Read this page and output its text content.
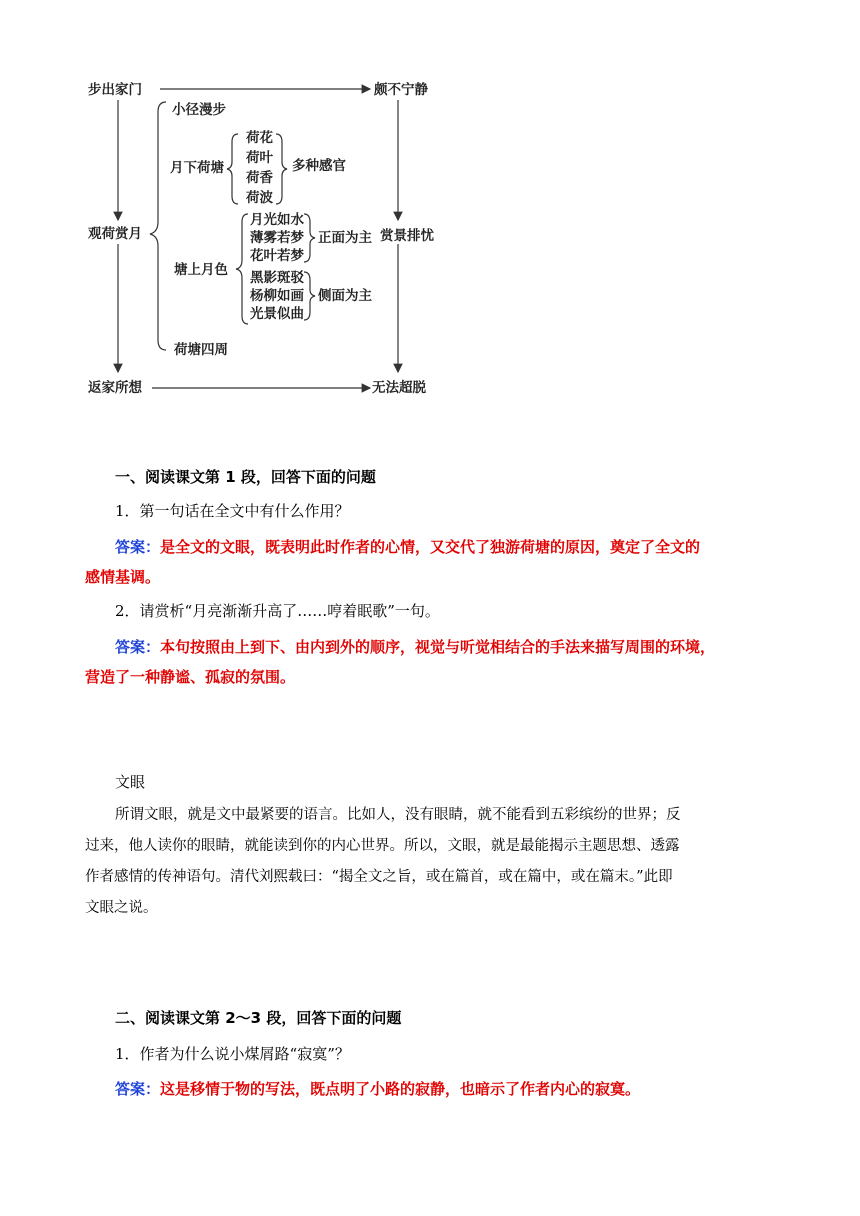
步出家门	颇不宁静
观荷赏月	赏景排忧
返家所想	无法超脱
小径漫步
月下荷塘
荷花
荷叶
荷香
荷波
多种感官
塘上月色
月光如水
薄雾若梦
花叶若梦
正面为主
黑影斑驳
杨柳如画
光景似曲
侧面为主
荷塘四周
一、阅读课文第 1 段，回答下面的问题
1．第一句话在全文中有什么作用？
答案：是全文的文眼，既表明此时作者的心情，又交代了独游荷塘的原因，奠定了全文的
感情基调。
2．请赏析“月亮渐渐升高了……哼着眠歌”一句。
答案：本句按照由上到下、由内到外的顺序，视觉与听觉相结合的手法来描写周围的环境，
营造了一种静谧、孤寂的氛围。
文眼
所谓文眼，就是文中最紧要的语言。比如人，没有眼睛，就不能看到五彩缤纷的世界；反
过来，他人读你的眼睛，就能读到你的内心世界。所以，文眼，就是最能揭示主题思想、透露
作者感情的传神语句。清代刘熙载曰：“揭全文之旨，或在篇首，或在篇中，或在篇末。”此即
文眼之说。
二、阅读课文第 2～3 段，回答下面的问题
1．作者为什么说小煤屑路“寂寞”？
答案：这是移情于物的写法，既点明了小路的寂静，也暗示了作者内心的寂寞。
